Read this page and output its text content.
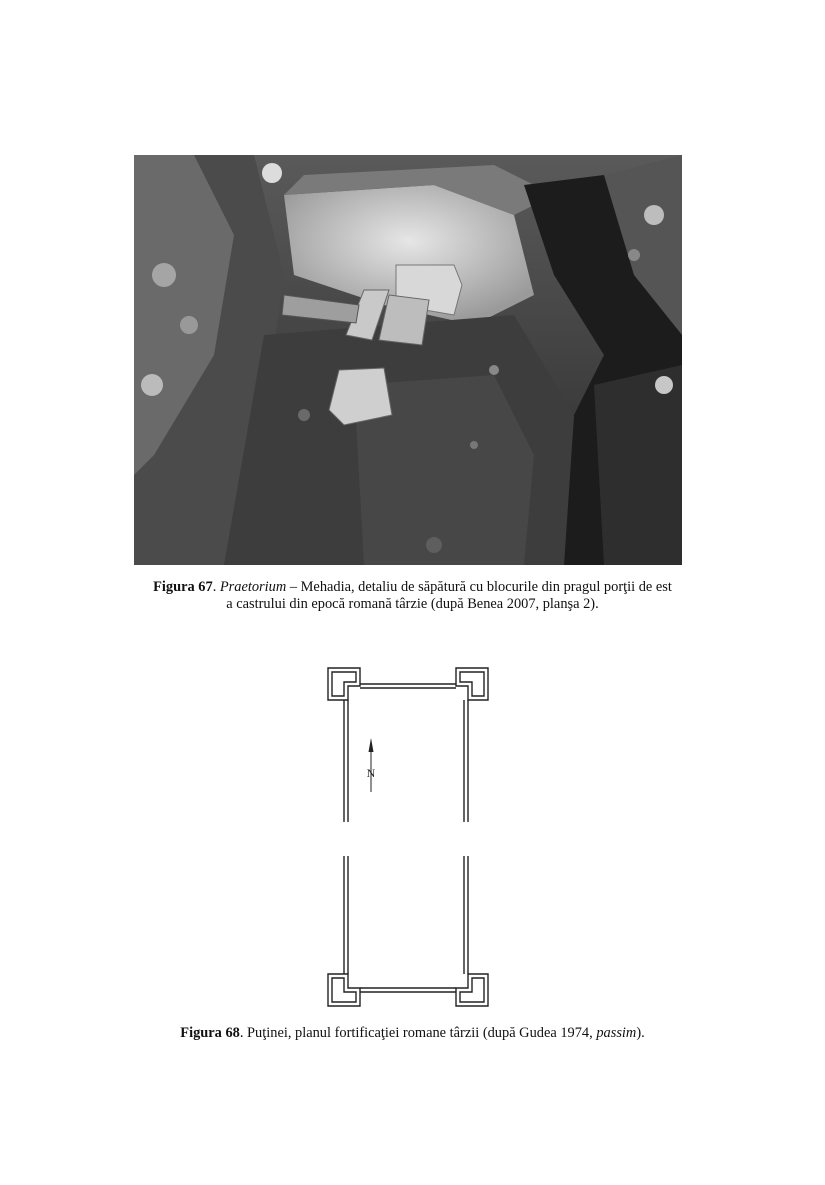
Figura 67. Praetorium – Mehadia, detaliu de săpătură cu blocurile din pragul porţii de est
a castrului din epocă romană târzie (după Benea 2007, planşa 2).
N
Figura 68. Puţinei, planul fortificaţiei romane târzii (după Gudea 1974, passim).
